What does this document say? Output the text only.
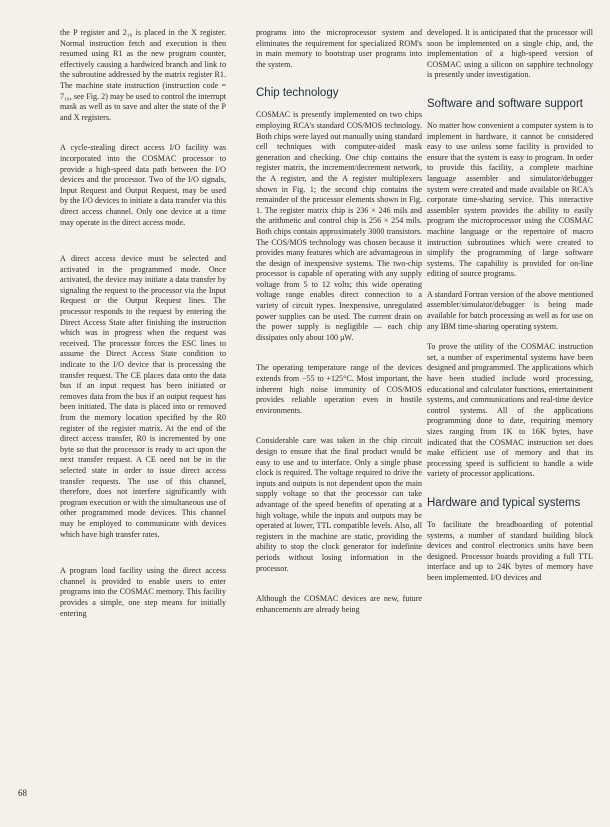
the P register and 2₁₆ is placed in the X register. Normal instruction fetch and execution is then resumed using R1 as the new program counter, effectively causing a hardwired branch and link to the subroutine addressed by the matrix register R1. The machine state instruction (instruction code = 7₁₆, see Fig. 2) may be used to control the interrupt mask as well as to save and alter the state of the P and X registers.

A cycle-stealing direct access I/O facility was incorporated into the COSMAC processor to provide a high-speed data path between the I/O devices and the processor. Two of the I/O signals, Input Request and Output Request, may be used by the I/O devices to initiate a data transfer via this direct access channel. Only one device at a time may operate in the direct access mode.

A direct access device must be selected and activated in the programmed mode. Once activated, the device may initiate a data transfer by signaling the request to the processor via the Input Request or the Output Request lines. The processor responds to the request by entering the Direct Access State after finishing the instruction which was in progress when the request was received. The processor forces the ESC lines to assume the Direct Access State condition to indicate to the I/O device that is processing the transfer request. The CE places data onto the data bus if an input request has been initiated or removes data from the bus if an output request has been initiated. The data is placed into or removed from the memory location specified by the R0 register of the register matrix. At the end of the direct access transfer, R0 is incremented by one byte so that the processor is ready to act upon the next transfer request. A CE need not be in the selected state in order to issue direct access transfer requests. The use of this channel, therefore, does not interfere significantly with program execution or with the simultaneous use of other programmed mode devices. This channel may be employed to communicate with devices which have high transfer rates.

A program load facility using the direct access channel is provided to enable users to enter programs into the COSMAC memory. This facility provides a simple, one step means for initially entering

programs into the microprocessor system and eliminates the requirement for specialized ROM's in main memory to bootstrap user programs into the system.

Chip technology

COSMAC is presently implemented on two chips employing RCA's standard COS/MOS technology. Both chips were layed out manually using standard cell techniques with computer-aided mask generation and checking. One chip contains the register matrix, the increment/decrement network, the A register, and the A register multiplexers shown in Fig. 1; the second chip contains the remainder of the processor elements shown in Fig. 1. The register matrix chip is 236 × 246 mils and the arithmetic and control chip is 256 × 254 mils. Both chips contain approximately 3000 transistors. The COS/MOS technology was chosen because it provides many features which are advantageous in the design of inexpensive systems. The two-chip processor is capable of operating with any supply voltage from 5 to 12 volts; this wide operating voltage range enables direct connection to a variety of circuit types. Inexpensive, unregulated power supplies can be used. The current drain on the power supply is negligible — each chip dissipates only about 100 μW.

The operating temperature range of the devices extends from −55 to +125°C. Most important, the inherent high noise immunity of COS/MOS provides reliable operation even in hostile environments.

Considerable care was taken in the chip circuit design to ensure that the final product would be easy to use and to interface. Only a single phase clock is required. The voltage required to drive the inputs and outputs is not dependent upon the main supply voltage so that the processor can take advantage of the speed benefits of operating at a high voltage, while the inputs and outputs may be operated at lower, TTL compatible levels. Also, all registers in the machine are static, providing the ability to stop the clock generator for indefinite periods without losing information in the processor.

Although the COSMAC devices are new, future enhancements are already being

developed. It is anticipated that the processor will soon be implemented on a single chip, and, the implementation of a high-speed version of COSMAC using a silicon on sapphire technology is presently under investigation.

Software and software support

No matter how convenient a computer system is to implement in hardware, it cannot be considered easy to use unless some facility is provided to ensure that the system is easy to program. In order to provide this facility, a complete machine language assembler and simulator/debugger system were created and made available on RCA's corporate time-sharing service. This interactive assembler system provides the ability to easily program the microprocessor using the COSMAC machine language or the repertoire of macro instruction subroutines which were created to simplify the programming of large software systems. The capability is provided for on-line editing of source programs.

A standard Fortran version of the above mentioned assembler/simulator/debugger is being made available for batch processing as well as for use on any IBM time-sharing operating system.

To prove the utility of the COSMAC instruction set, a number of experimental systems have been designed and programmed. The applications which have been studied include word processing, educational and calculator functions, entertainment systems, and communications and real-time device control systems. All of the applications programming done to date, requiring memory sizes ranging from 1K to 16K bytes, have indicated that the COSMAC instruction set does make efficient use of memory and that its processing speed is sufficient to handle a wide variety of processor applications.

Hardware and typical systems

To facilitate the breadboarding of potential systems, a number of standard building block devices and control electronics units have been designed. Processor boards providing a full TTL interface and up to 24K bytes of memory have been implemented. I/O devices and

68
